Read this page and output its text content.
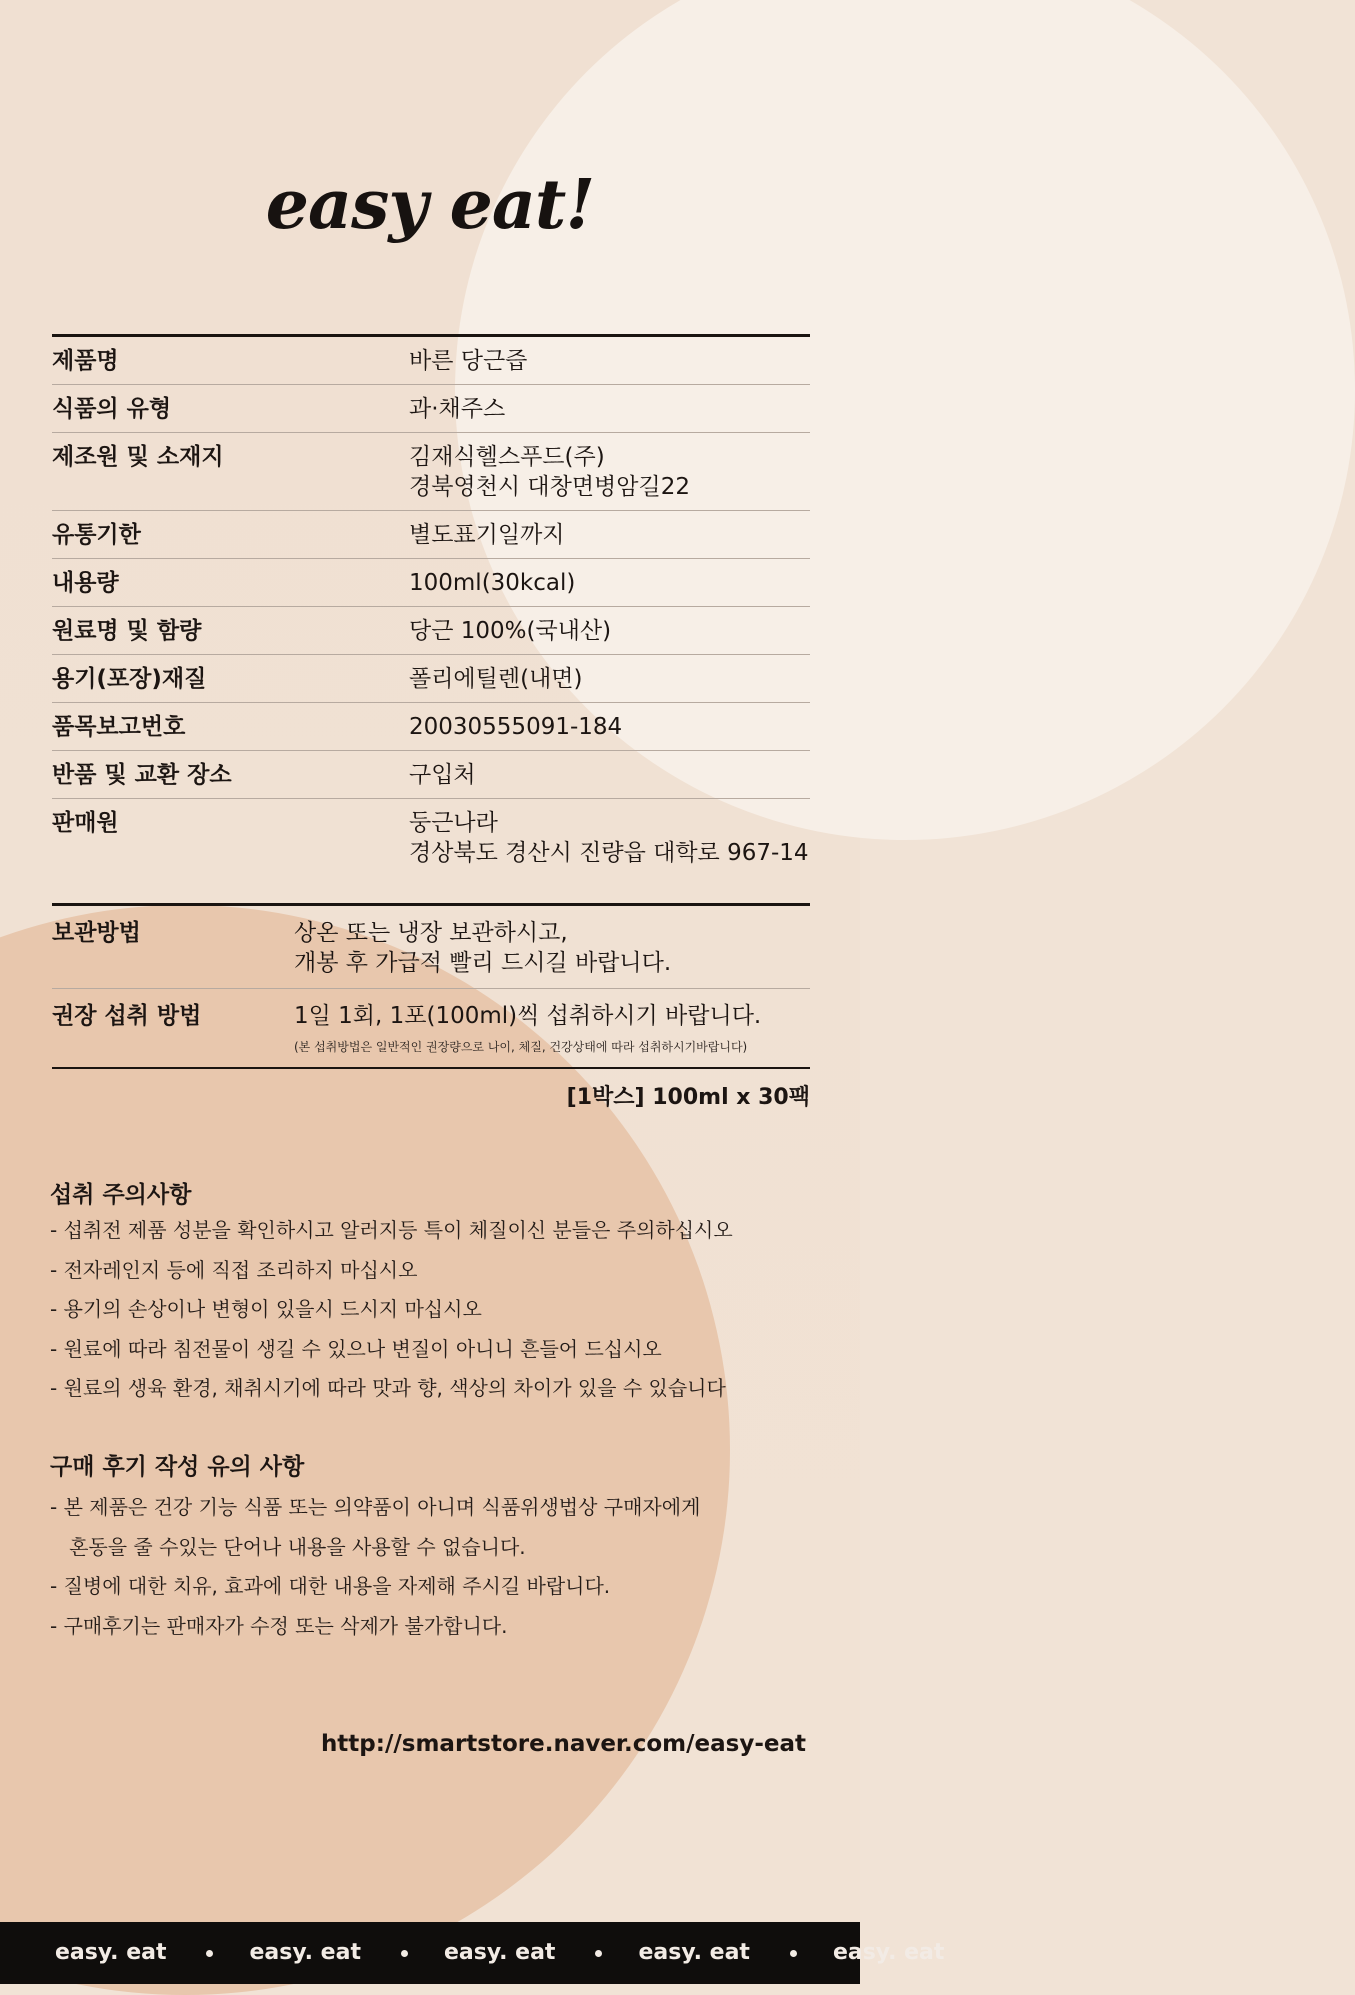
easy eat!
제품명	바른 당근즙

식품의 유형	과·채주스

제조원 및 소재지	김재식헬스푸드(주)
경북영천시 대창면병암길22

유통기한	별도표기일까지

내용량	100ml(30kcal)

원료명 및 함량	당근 100%(국내산)

용기(포장)재질	폴리에틸렌(내면)

품목보고번호	20030555091-184

반품 및 교환 장소	구입처

판매원	둥근나라
경상북도 경산시 진량읍 대학로 967-14
보관방법	상온 또는 냉장 보관하시고,
개봉 후 가급적 빨리 드시길 바랍니다.
권장 섭취 방법	1일 1회, 1포(100ml)씩 섭취하시기 바랍니다.
(본 섭취방법은 일반적인 권장량으로 나이, 체질, 건강상태에 따라 섭취하시기바랍니다)
[1박스] 100ml x 30팩
섭취 주의사항
- 섭취전 제품 성분을 확인하시고 알러지등 특이 체질이신 분들은 주의하십시오
- 전자레인지 등에 직접 조리하지 마십시오
- 용기의 손상이나 변형이 있을시 드시지 마십시오
- 원료에 따라 침전물이 생길 수 있으나 변질이 아니니 흔들어 드십시오
- 원료의 생육 환경, 채취시기에 따라 맛과 향, 색상의 차이가 있을 수 있습니다
구매 후기 작성 유의 사항
- 본 제품은 건강 기능 식품 또는 의약품이 아니며 식품위생법상 구매자에게
혼동을 줄 수있는 단어나 내용을 사용할 수 없습니다.
- 질병에 대한 치유, 효과에 대한 내용을 자제해 주시길 바랍니다.
- 구매후기는 판매자가 수정 또는 삭제가 불가합니다.
http://smartstore.naver.com/easy-eat
easy. eat	easy. eat	easy. eat	easy. eat	easy. eat
